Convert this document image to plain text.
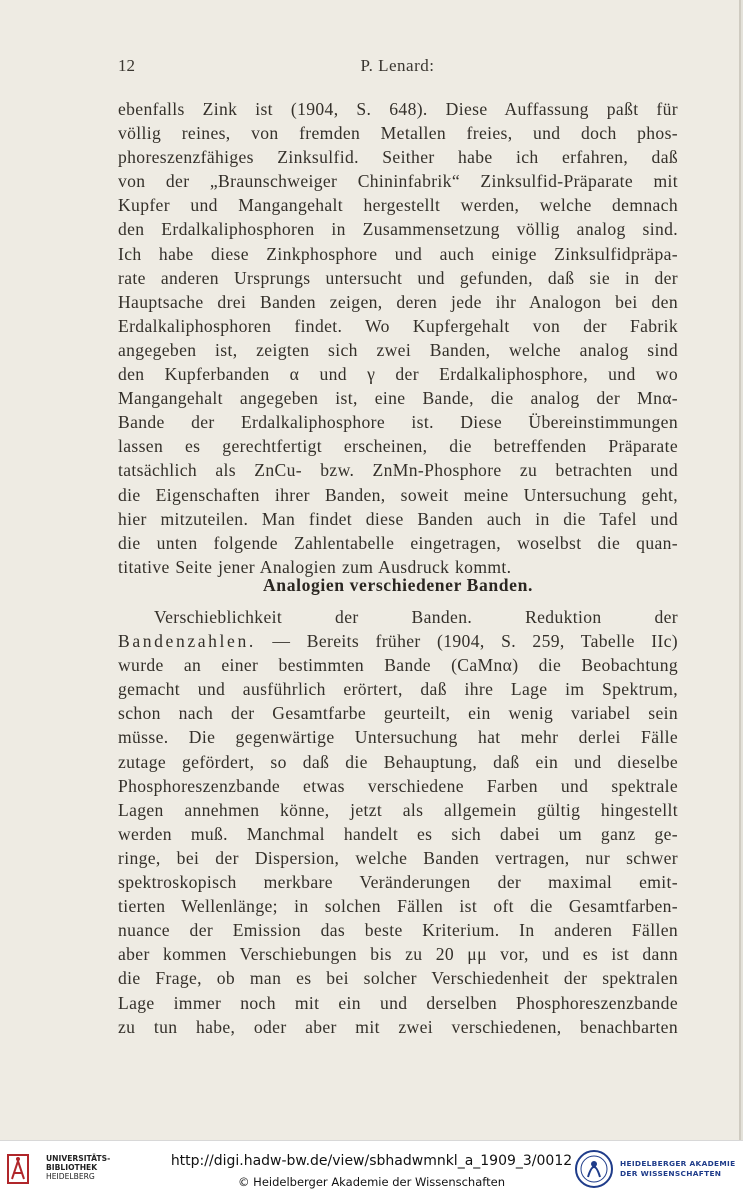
12	P. Lenard:
ebenfalls Zink ist (1904, S. 648). Diese Auffassung paßt für
völlig reines, von fremden Metallen freies, und doch phos-
phoreszenzfähiges Zinksulfid. Seither habe ich erfahren, daß
von der „Braunschweiger Chininfabrik“ Zinksulfid-Präparate mit
Kupfer und Mangangehalt hergestellt werden, welche demnach
den Erdalkaliphosphoren in Zusammensetzung völlig analog sind.
Ich habe diese Zinkphosphore und auch einige Zinksulfidpräpa-
rate anderen Ursprungs untersucht und gefunden, daß sie in der
Hauptsache drei Banden zeigen, deren jede ihr Analogon bei den
Erdalkaliphosphoren findet. Wo Kupfergehalt von der Fabrik
angegeben ist, zeigten sich zwei Banden, welche analog sind
den Kupferbanden α und γ der Erdalkaliphosphore, und wo
Mangangehalt angegeben ist, eine Bande, die analog der Mnα-
Bande der Erdalkaliphosphore ist. Diese Übereinstimmungen
lassen es gerechtfertigt erscheinen, die betreffenden Präparate
tatsächlich als ZnCu- bzw. ZnMn-Phosphore zu betrachten und
die Eigenschaften ihrer Banden, soweit meine Untersuchung geht,
hier mitzuteilen. Man findet diese Banden auch in die Tafel und
die unten folgende Zahlentabelle eingetragen, woselbst die quan-
titative Seite jener Analogien zum Ausdruck kommt.
Analogien verschiedener Banden.
Verschieblichkeit der Banden. Reduktion der
Bandenzahlen. — Bereits früher (1904, S. 259, Tabelle IIc)
wurde an einer bestimmten Bande (CaMnα) die Beobachtung
gemacht und ausführlich erörtert, daß ihre Lage im Spektrum,
schon nach der Gesamtfarbe geurteilt, ein wenig variabel sein
müsse. Die gegenwärtige Untersuchung hat mehr derlei Fälle
zutage gefördert, so daß die Behauptung, daß ein und dieselbe
Phosphoreszenzbande etwas verschiedene Farben und spektrale
Lagen annehmen könne, jetzt als allgemein gültig hingestellt
werden muß. Manchmal handelt es sich dabei um ganz ge-
ringe, bei der Dispersion, welche Banden vertragen, nur schwer
spektroskopisch merkbare Veränderungen der maximal emit-
tierten Wellenlänge; in solchen Fällen ist oft die Gesamtfarben-
nuance der Emission das beste Kriterium. In anderen Fällen
aber kommen Verschiebungen bis zu 20 μμ vor, und es ist dann
die Frage, ob man es bei solcher Verschiedenheit der spektralen
Lage immer noch mit ein und derselben Phosphoreszenzbande
zu tun habe, oder aber mit zwei verschiedenen, benachbarten
UNIVERSITÄTS-
BIBLIOTHEK
HEIDELBERG
http://digi.hadw-bw.de/view/sbhadwmnkl_a_1909_3/0012
© Heidelberger Akademie der Wissenschaften
HEIDELBERGER AKADEMIE
DER WISSENSCHAFTEN
